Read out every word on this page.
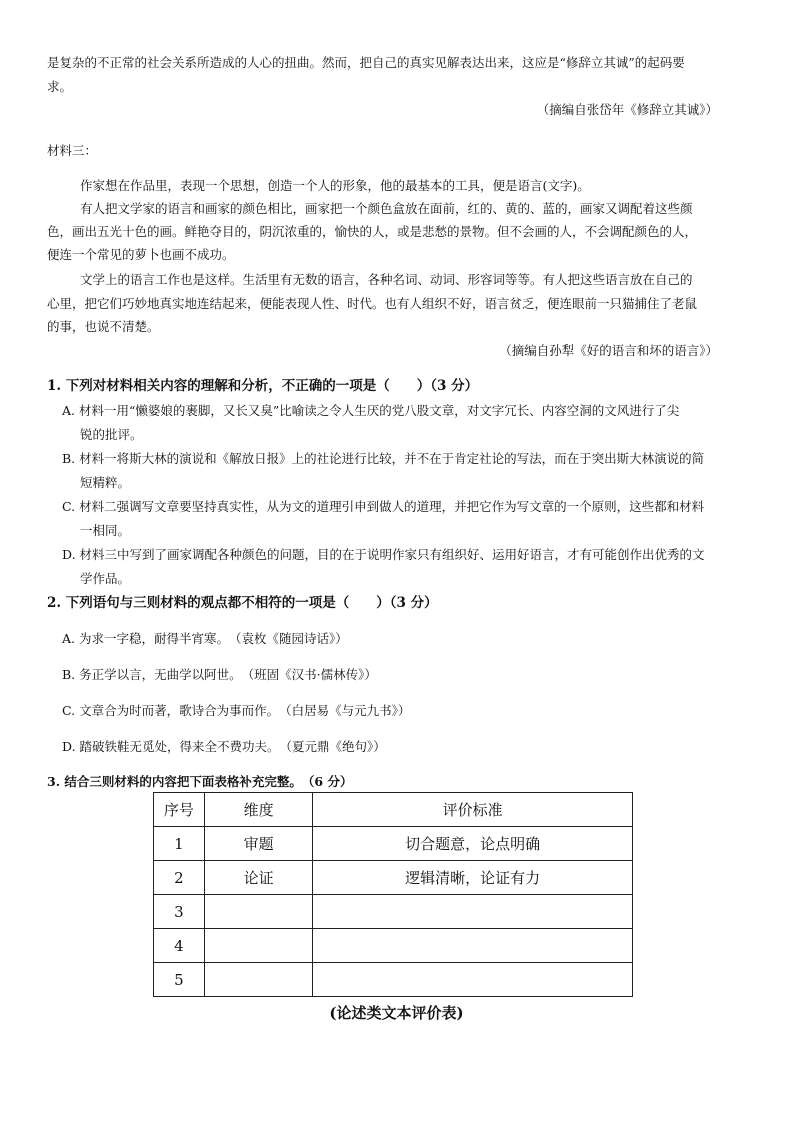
是复杂的不正常的社会关系所造成的人心的扭曲。然而，把自己的真实见解表达出来，这应是“修辞立其诚”的起码要
求。
（摘编自张岱年《修辞立其诚》）
材料三：
作家想在作品里，表现一个思想，创造一个人的形象，他的最基本的工具，便是语言(文字)。
有人把文学家的语言和画家的颜色相比，画家把一个颜色盒放在面前，红的、黄的、蓝的，画家又调配着这些颜
色，画出五光十色的画。鲜艳夺目的，阴沉浓重的，愉快的人，或是悲愁的景物。但不会画的人，不会调配颜色的人，
便连一个常见的萝卜也画不成功。
文学上的语言工作也是这样。生活里有无数的语言，各种名词、动词、形容词等等。有人把这些语言放在自己的
心里，把它们巧妙地真实地连结起来，便能表现人性、时代。也有人组织不好，语言贫乏，便连眼前一只猫捕住了老鼠
的事，也说不清楚。
（摘编自孙犁《好的语言和坏的语言》）
1. 下列对材料相关内容的理解和分析，不正确的一项是（　　）（3 分）
A. 材料一用“懒婆娘的裹脚，又长又臭”比喻读之令人生厌的党八股文章，对文字冗长、内容空洞的文风进行了尖
锐的批评。
B. 材料一将斯大林的演说和《解放日报》上的社论进行比较，并不在于肯定社论的写法，而在于突出斯大林演说的简
短精粹。
C. 材料二强调写文章要坚持真实性，从为文的道理引申到做人的道理，并把它作为写文章的一个原则，这些都和材料
一相同。
D. 材料三中写到了画家调配各种颜色的问题，目的在于说明作家只有组织好、运用好语言，才有可能创作出优秀的文
学作品。
2. 下列语句与三则材料的观点都不相符的一项是（　　）（3 分）
A. 为求一字稳，耐得半宵寒。　（袁枚《随园诗话》）
B. 务正学以言，无曲学以阿世。　（班固《汉书·儒林传》）
C. 文章合为时而著，歌诗合为事而作。　（白居易《与元九书》）
D. 踏破铁鞋无觅处，得来全不费功夫。　（夏元鼎《绝句》）
3. 结合三则材料的内容把下面表格补充完整。　（6 分）
序号	维度	评价标准
1	审题	切合题意，论点明确
2	论证	逻辑清晰，论证有力
3		
4		
5		
(论述类文本评价表)
